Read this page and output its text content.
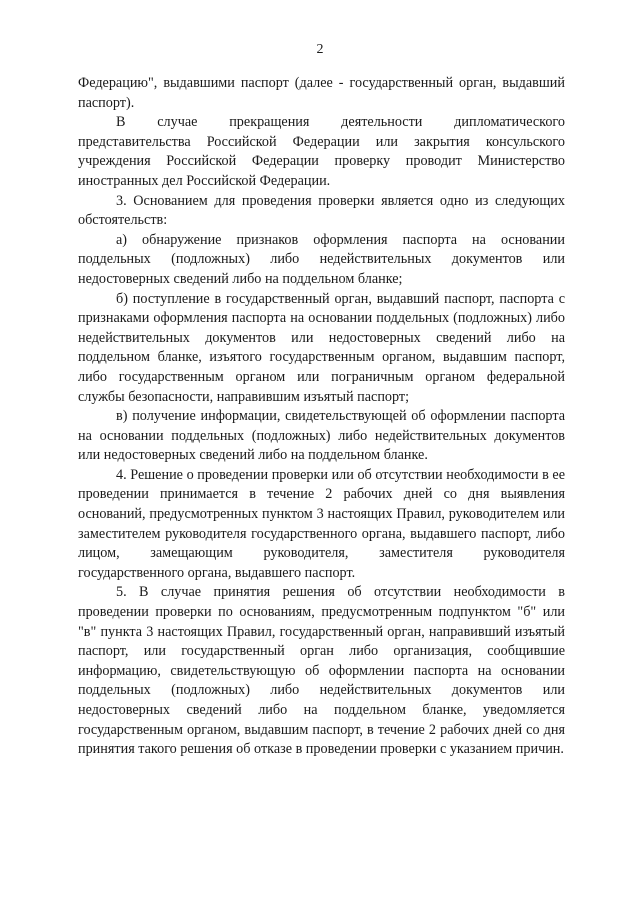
2

Федерацию", выдавшими паспорт (далее - государственный орган, выдавший паспорт).

В случае прекращения деятельности дипломатического представительства Российской Федерации или закрытия консульского учреждения Российской Федерации проверку проводит Министерство иностранных дел Российской Федерации.

3. Основанием для проведения проверки является одно из следующих обстоятельств:

а) обнаружение признаков оформления паспорта на основании поддельных (подложных) либо недействительных документов или недостоверных сведений либо на поддельном бланке;

б) поступление в государственный орган, выдавший паспорт, паспорта с признаками оформления паспорта на основании поддельных (подложных) либо недействительных документов или недостоверных сведений либо на поддельном бланке, изъятого государственным органом, выдавшим паспорт, либо государственным органом или пограничным органом федеральной службы безопасности, направившим изъятый паспорт;

в) получение информации, свидетельствующей об оформлении паспорта на основании поддельных (подложных) либо недействительных документов или недостоверных сведений либо на поддельном бланке.

4. Решение о проведении проверки или об отсутствии необходимости в ее проведении принимается в течение 2 рабочих дней со дня выявления оснований, предусмотренных пунктом 3 настоящих Правил, руководителем или заместителем руководителя государственного органа, выдавшего паспорт, либо лицом, замещающим руководителя, заместителя руководителя государственного органа, выдавшего паспорт.

5. В случае принятия решения об отсутствии необходимости в проведении проверки по основаниям, предусмотренным подпунктом "б" или "в" пункта 3 настоящих Правил, государственный орган, направивший изъятый паспорт, или государственный орган либо организация, сообщившие информацию, свидетельствующую об оформлении паспорта на основании поддельных (подложных) либо недействительных документов или недостоверных сведений либо на поддельном бланке, уведомляется государственным органом, выдавшим паспорт, в течение 2 рабочих дней со дня принятия такого решения об отказе в проведении проверки с указанием причин.
